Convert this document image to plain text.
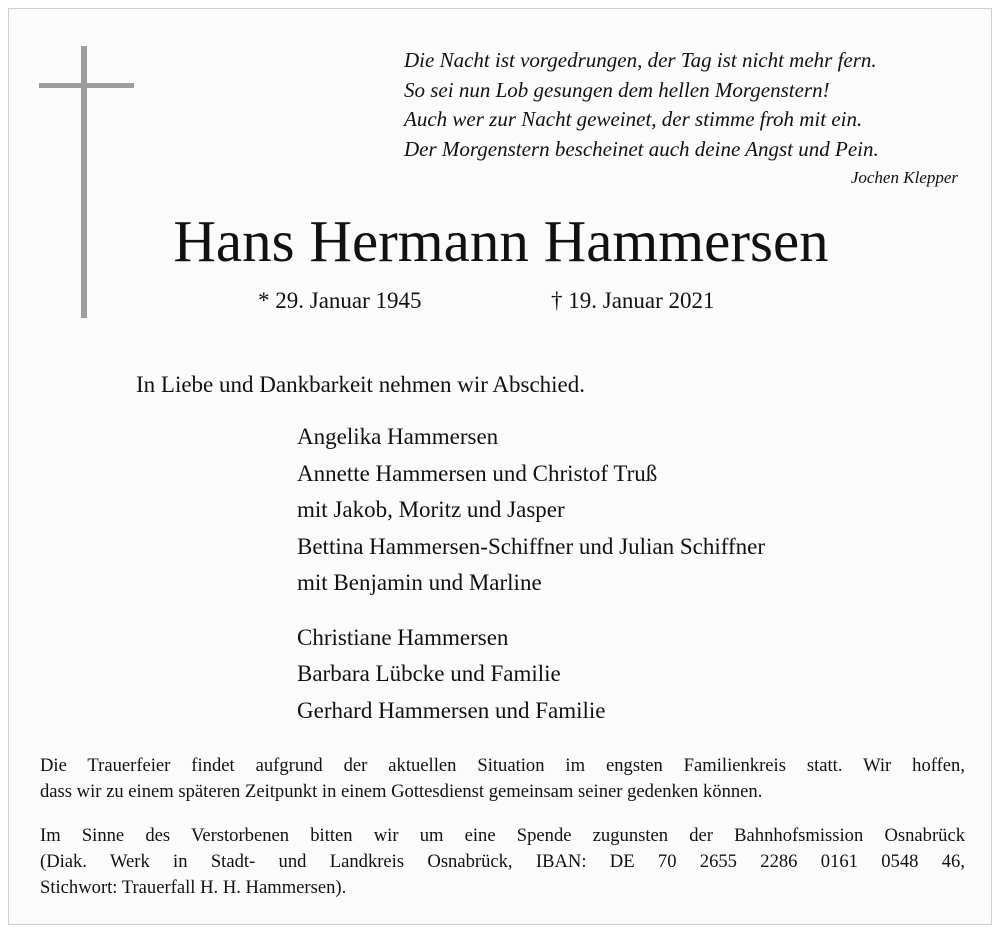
Die Nacht ist vorgedrungen, der Tag ist nicht mehr fern.
So sei nun Lob gesungen dem hellen Morgenstern!
Auch wer zur Nacht geweinet, der stimme froh mit ein.
Der Morgenstern bescheinet auch deine Angst und Pein.
Jochen Klepper
Hans Hermann Hammersen
* 29. Januar 1945	† 19. Januar 2021
In Liebe und Dankbarkeit nehmen wir Abschied.
Angelika Hammersen
Annette Hammersen und Christof Truß
mit Jakob, Moritz und Jasper
Bettina Hammersen-Schiffner und Julian Schiffner
mit Benjamin und Marline
Christiane Hammersen
Barbara Lübcke und Familie
Gerhard Hammersen und Familie
Die Trauerfeier findet aufgrund der aktuellen Situation im engsten Familienkreis statt. Wir hoffen,
dass wir zu einem späteren Zeitpunkt in einem Gottesdienst gemeinsam seiner gedenken können.
Im Sinne des Verstorbenen bitten wir um eine Spende zugunsten der Bahnhofsmission Osnabrück
(Diak. Werk in Stadt- und Landkreis Osnabrück, IBAN: DE 70 2655 2286 0161 0548 46,
Stichwort: Trauerfall H. H. Hammersen).
